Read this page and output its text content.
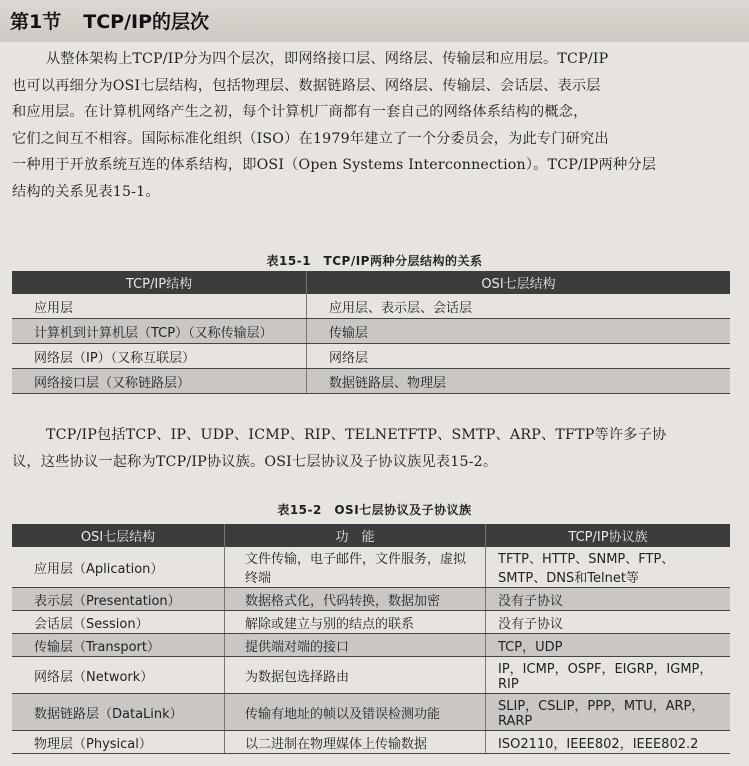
第1节 TCP/IP的层次
从整体架构上TCP/IP分为四个层次，即网络接口层、网络层、传输层和应用层。TCP/IP
也可以再细分为OSI七层结构，包括物理层、数据链路层、网络层、传输层、会话层、表示层
和应用层。在计算机网络产生之初，每个计算机厂商都有一套自己的网络体系结构的概念，
它们之间互不相容。国际标准化组织（ISO）在1979年建立了一个分委员会，为此专门研究出
一种用于开放系统互连的体系结构，即OSI（Open Systems Interconnection）。TCP/IP两种分层
结构的关系见表15-1。
表15-1　TCP/IP两种分层结构的关系
TCP/IP结构	OSI七层结构
应用层	应用层、表示层、会话层
计算机到计算机层（TCP）（又称传输层）	传输层
网络层（IP）（又称互联层）	网络层
网络接口层（又称链路层）	数据链路层、物理层
TCP/IP包括TCP、IP、UDP、ICMP、RIP、TELNETFTP、SMTP、ARP、TFTP等许多子协
议，这些协议一起称为TCP/IP协议族。OSI七层协议及子协议族见表15-2。
表15-2　OSI七层协议及子协议族
OSI七层结构	功　能	TCP/IP协议族
应用层（Aplication）	文件传输，电子邮件，文件服务，虚拟终端	TFTP、HTTP、SNMP、FTP、SMTP、DNS和Telnet等
表示层（Presentation）	数据格式化，代码转换，数据加密	没有子协议
会话层（Session）	解除或建立与别的结点的联系	没有子协议
传输层（Transport）	提供端对端的接口	TCP，UDP
网络层（Network）	为数据包选择路由	IP，ICMP，OSPF，EIGRP，IGMP，RIP
数据链路层（DataLink）	传输有地址的帧以及错误检测功能	SLIP，CSLIP，PPP，MTU，ARP，RARP
物理层（Physical）	以二进制在物理媒体上传输数据	ISO2110，IEEE802，IEEE802.2
